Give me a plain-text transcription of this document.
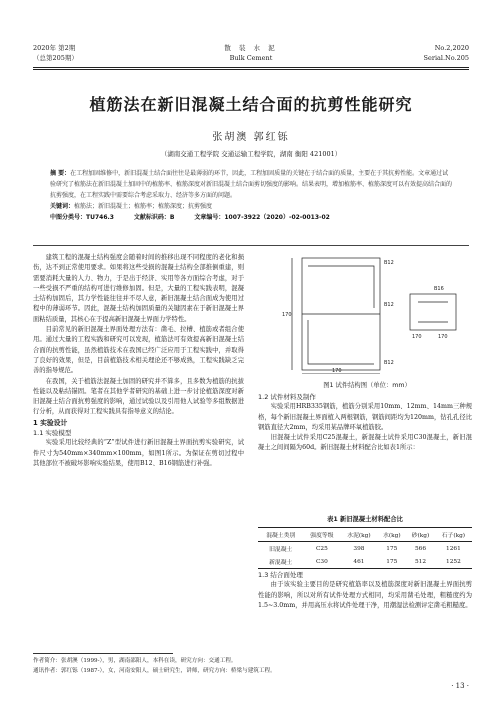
2020年 第2期
（总第205期）
散 装 水 泥
Bulk Cement
No.2,2020
Serial.No.205
植筋法在新旧混凝土结合面的抗剪性能研究
张胡澳 郭红铄
（湖南交通工程学院 交通运输工程学院，湖南 衡阳 421001）
摘 要：在工程加固维修中，新旧混凝土结合面往往是最薄弱的环节，因此，工程加固质量的关键在于结合面的质量，主要在于其抗剪性能。文章通过试验研究了植筋法在新旧混凝土加固中的植筋率、植筋深度对新旧混凝土结合面剪切强度的影响。结果表明，增加植筋率、植筋深度可以有效提高结合面的抗剪强度，在工程实践中需要综合考虑采取力、经济等多方面的问题。
关键词：植筋法；新旧混凝土；植筋率；植筋深度；抗剪强度
中图分类号：TU746.3	文献标识码：B	文章编号：1007-3922（2020）-02-0013-02

建筑工程的混凝土结构强度会随着时间的推移出现不同程度的老化和损伤，达不到正常使用要求。如果将这些受损的混凝土结构全部推倒重建，则需要消耗大量的人力、物力，于是出于经济、实用等各方面综合考虑，对于一些受损不严重的结构可进行维修加固。但是，大量的工程实践表明，混凝土结构加固后，其力学性能往往并不尽人意，新旧混凝土结合面成为使用过程中的薄弱环节。因此，混凝土结构加固质量的关键因素在于新旧混凝土界面粘结质量，其核心在于提高新旧混凝土界面力学特性。

目前常见的新旧混凝土界面处理方法有：凿毛、拉槽、植筋或者组合使用。通过大量的工程实践和研究可以发现，植筋法可有效提高新旧混凝土结合面的抗剪性能，虽然植筋技术在我国已经广泛应用于工程实践中，并取得了良好的效果，但是，目前植筋技术相关理论还不够成熟，工程实践缺乏完善的指导规范。

在我国，关于植筋法混凝土加固的研究并不算多，且多数为植筋的抗拔性能以及粘结锚固。笔者在其他学者研究的基础上进一步讨论植筋深度对新旧混凝土结合面抗剪强度的影响，通过试验以及引用他人试验等多组数据进行分析，从而获得对工程实践具有指导意义的结论。

1 实验设计
1.1 实验模型

实验采用比较经典的“Z”型试件进行新旧混凝土界面抗剪实验研究，试件尺寸为540mm×340mm×100mm，如图1所示。为保证在剪切过程中其他部位不被破坏影响实验结果，使用B12、B16钢筋进行补强。

B12
B16
B12
B12
170
170	170
170
图1 试件结构图（单位：mm）
1.2 试件材料及制作

实验采用HRB335钢筋，植筋分别采用10mm、12mm、14mm三种规格，每个新旧混凝土界面植入两根钢筋，钢筋间距均为120mm，钻孔孔径比钢筋直径大2mm，均采用某品牌环氧植筋胶。

旧混凝土试件采用C25混凝土，新混凝土试件采用C30混凝土，新旧混凝土之间间隔为60d。新旧混凝土材料配合比如表1所示：

表1 新旧混凝土材料配合比
混凝土类别	强度等级	水泥(kg)	水(kg)	砂(kg)	石子(kg)
旧混凝土	C25	398	175	566	1261
新混凝土	C30	461	175	512	1252
1.3 结合面处理

由于该实验主要目的是研究植筋率以及植筋深度对新旧混凝土界面抗剪性能的影响，所以对所有试件处理方式相同，均采用凿毛处理，粗糙度约为1.5~3.0mm，并用高压水将试件处理干净，用潮湿法检测评定凿毛粗糙度。

作者简介：张胡澳（1999-），男，湖南邵阳人，本科在读，研究方向：交通工程。
通讯作者：郭红铄（1987-），女，河南安阳人，硕士研究生，讲师，研究方向：桥梁与建筑工程。
· 13 ·
